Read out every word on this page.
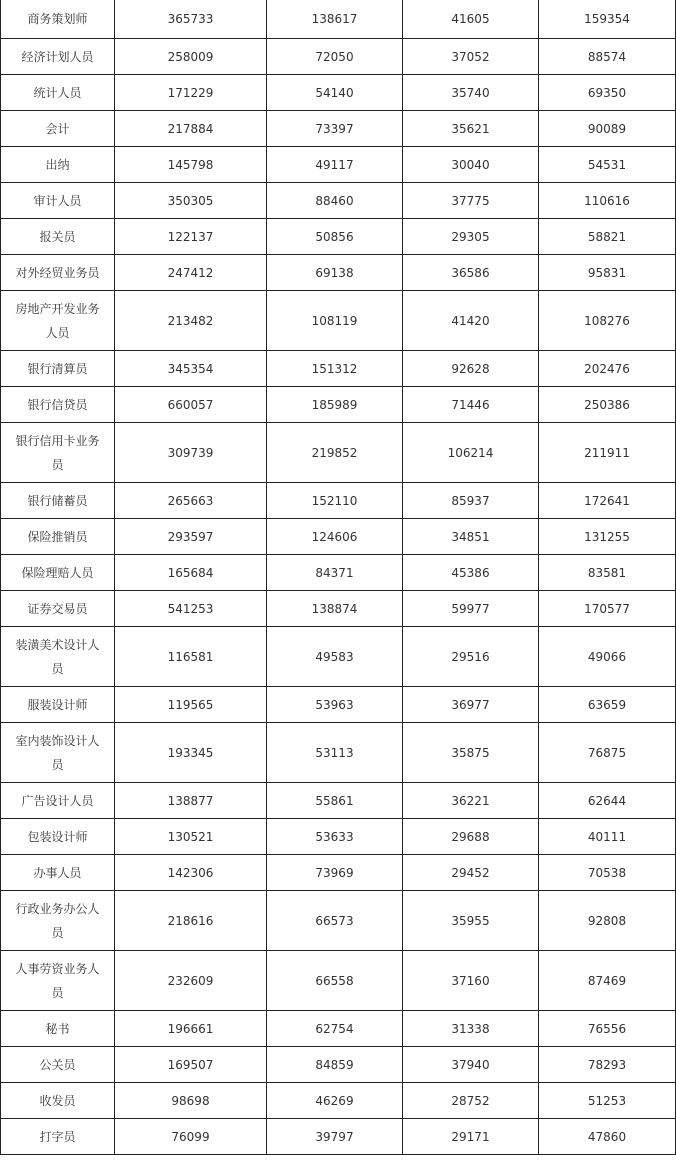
商务策划师	365733	138617	41605	159354
经济计划人员	258009	72050	37052	88574
统计人员	171229	54140	35740	69350
会计	217884	73397	35621	90089
出纳	145798	49117	30040	54531
审计人员	350305	88460	37775	110616
报关员	122137	50856	29305	58821
对外经贸业务员	247412	69138	36586	95831
房地产开发业务人员	213482	108119	41420	108276
银行清算员	345354	151312	92628	202476
银行信贷员	660057	185989	71446	250386
银行信用卡业务员	309739	219852	106214	211911
银行储蓄员	265663	152110	85937	172641
保险推销员	293597	124606	34851	131255
保险理赔人员	165684	84371	45386	83581
证券交易员	541253	138874	59977	170577
装潢美术设计人员	116581	49583	29516	49066
服装设计师	119565	53963	36977	63659
室内装饰设计人员	193345	53113	35875	76875
广告设计人员	138877	55861	36221	62644
包装设计师	130521	53633	29688	40111
办事人员	142306	73969	29452	70538
行政业务办公人员	218616	66573	35955	92808
人事劳资业务人员	232609	66558	37160	87469
秘书	196661	62754	31338	76556
公关员	169507	84859	37940	78293
收发员	98698	46269	28752	51253
打字员	76099	39797	29171	47860
